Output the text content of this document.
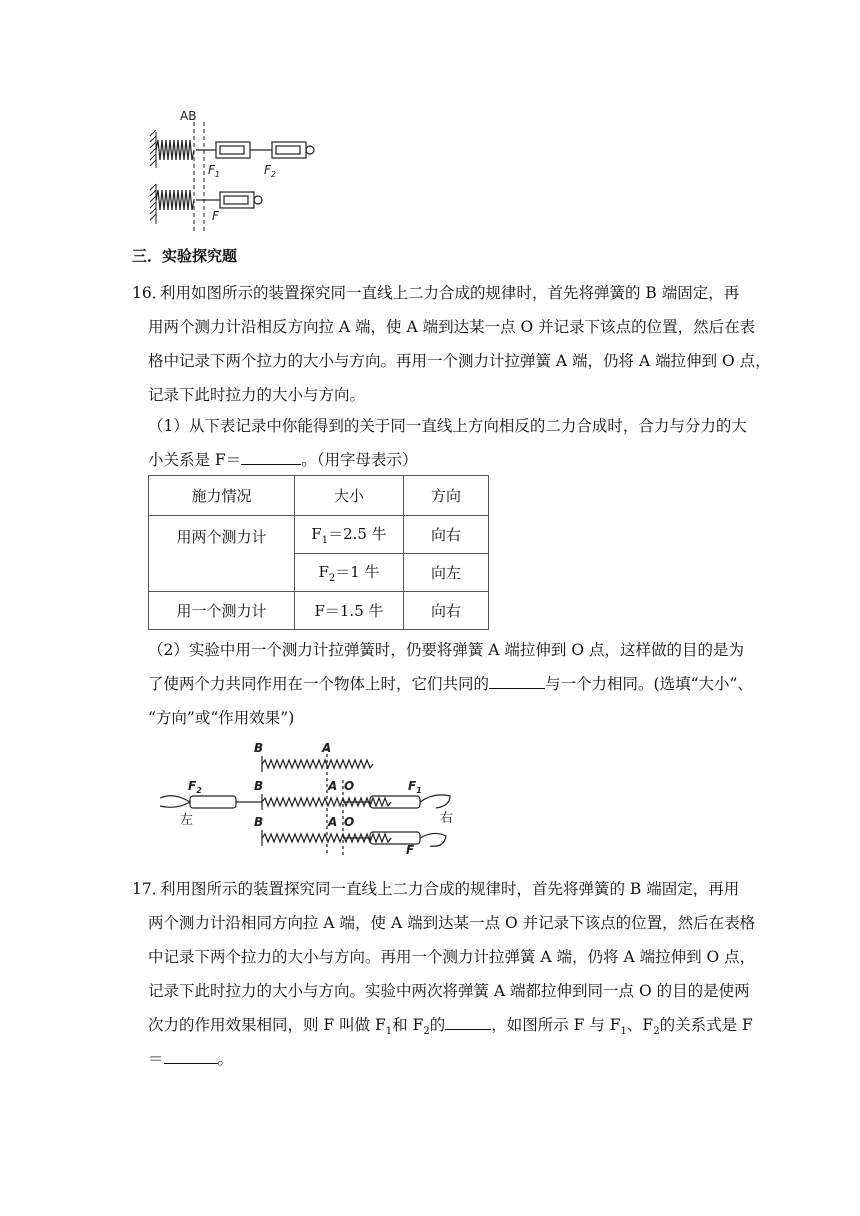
AB
$F_1$	$F_2$
F
三．实验探究题
16．
利用如图所示的装置探究同一直线上二力合成的规律时，首先将弹簧的 B 端固定，再
用两个测力计沿相反方向拉 A 端，使 A 端到达某一点 O 并记录下该点的位置，然后在表
格中记录下两个拉力的大小与方向。再用一个测力计拉弹簧 A 端，仍将 A 端拉伸到 O 点，
记录下此时拉力的大小与方向。
（1）从下表记录中你能得到的关于同一直线上方向相反的二力合成时，合力与分力的大
小关系是 F＝	。（用字母表示）
施力情况	大小	方向
用两个测力计	$F_1=2.5$ 牛	向右
	$F_2=1$ 牛	向左
用一个测力计	F＝1.5 牛	向右
（2）实验中用一个测力计拉弹簧时，仍要将弹簧 A 端拉伸到 O 点，这样做的目的是为
了使两个力共同作用在一个物体上时，它们共同的	与一个力相同。(选填“大小”、
“方向”或“作用效果”)
B	A
B	A O
$F_2$	$F_1$
B	A O
F
左	右
17．
利用图所示的装置探究同一直线上二力合成的规律时，首先将弹簧的 B 端固定，再用
两个测力计沿相同方向拉 A 端，使 A 端到达某一点 O 并记录下该点的位置，然后在表格
中记录下两个拉力的大小与方向。再用一个测力计拉弹簧 A 端，仍将 A 端拉伸到 O 点，
记录下此时拉力的大小与方向。实验中两次将弹簧 A 端都拉伸到同一点 O 的目的是使两
次力的作用效果相同，则 F 叫做 $F_1$和 $F_2$的	，如图所示 F 与 $F_1$、$F_2$的关系式是 F
＝	。
